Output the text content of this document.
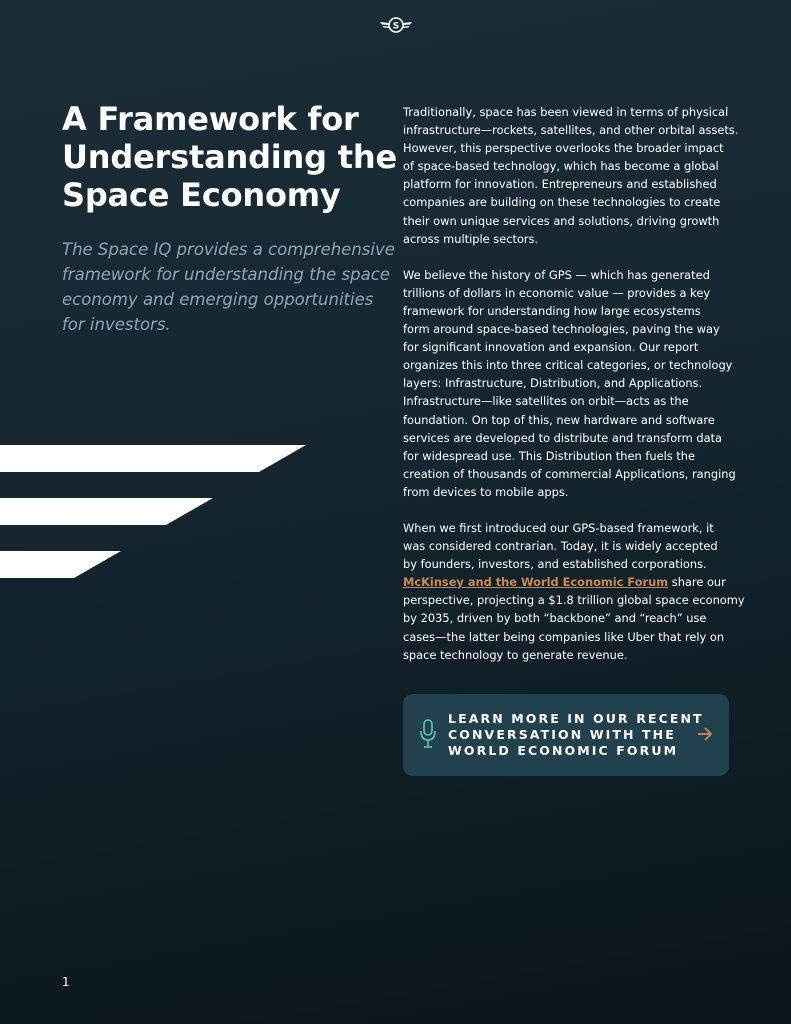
S
A Framework for
Understanding the
Space Economy

The Space IQ provides a comprehensive
framework for understanding the space
economy and emerging opportunities
for investors.

Traditionally, space has been viewed in terms of physical
infrastructure—rockets, satellites, and other orbital assets.
However, this perspective overlooks the broader impact
of space-based technology, which has become a global
platform for innovation. Entrepreneurs and established
companies are building on these technologies to create
their own unique services and solutions, driving growth
across multiple sectors.
We believe the history of GPS — which has generated
trillions of dollars in economic value — provides a key
framework for understanding how large ecosystems
form around space-based technologies, paving the way
for significant innovation and expansion. Our report
organizes this into three critical categories, or technology
layers: Infrastructure, Distribution, and Applications.
Infrastructure—like satellites on orbit—acts as the
foundation. On top of this, new hardware and software
services are developed to distribute and transform data
for widespread use. This Distribution then fuels the
creation of thousands of commercial Applications, ranging
from devices to mobile apps.
When we first introduced our GPS-based framework, it
was considered contrarian. Today, it is widely accepted
by founders, investors, and established corporations.
McKinsey and the World Economic Forum share our
perspective, projecting a $1.8 trillion global space economy
by 2035, driven by both “backbone” and “reach” use
cases—the latter being companies like Uber that rely on
space technology to generate revenue.
LEARN MORE IN OUR RECENT
CONVERSATION WITH THE
WORLD ECONOMIC FORUM
1
